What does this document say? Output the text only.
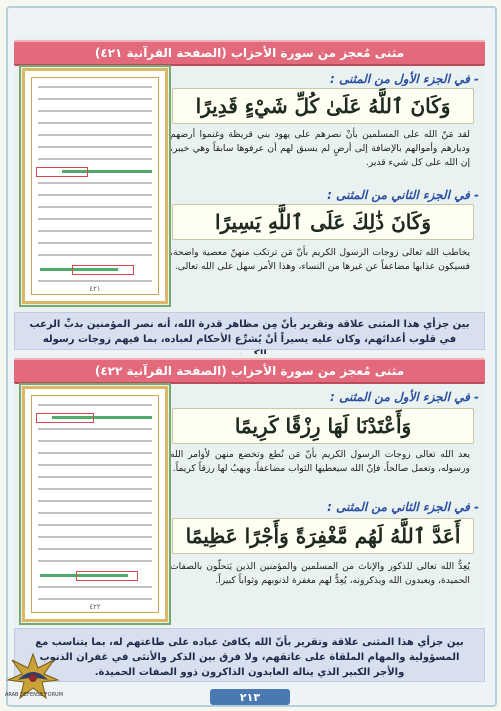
مثنى مُعجز من سورة الأحزاب (الصفحة القرآنية ٤٢١)
- في الجزء الأول من المثنى :
وَكَانَ ٱللَّهُ عَلَىٰ كُلِّ شَيْءٍ قَدِيرًا
لقد مَنّ الله على المسلمين بأنْ نصرهم على يهود بني قريظة وغنموا أرضهم وديارهم وأموالهم بالإضافة إلى أرضٍ لم يسبق لهم أن عرفوها سابقاً وهي خيبر، إن الله على كل شيء قدير.
- في الجزء الثاني من المثنى :
وَكَانَ ذَٰلِكَ عَلَى ٱللَّهِ يَسِيرًا
يخاطب الله تعالى زوجات الرسول الكريم بأنّ مَن ترتكب منهنّ معصية واضحة، فسيكون عذابها مضاعفاً عن غيرها من النساء، وهذا الأمر سهل على الله تعالى.
٤٢١
بين جزأي هذا المثنى علاقة وتقرير بأنّ مِن مظاهر قدرة الله، أنه نصر المؤمنين بدبِّ الرعب في قلوب أعدائهم، وكان عليه يسيراً أنْ يُشرِّع الأحكام لعباده، بما فيهم زوجات رسوله
مثنى مُعجز من سورة الأحزاب (الصفحة القرآنية ٤٢٢)
- في الجزء الأول من المثنى :
وَأَعْتَدْنَا لَهَا رِزْقًا كَرِيمًا
يعد الله تعالى زوجات الرسول الكريم بأنّ مَن تُطع وتخضع منهن لأوامر الله ورسوله، وتعمل صالحاً، فإنّ الله سيعطيها الثواب مضاعفاً، ويهبُ لها رزقاً كريماً.
- في الجزء الثاني من المثنى :
أَعَدَّ ٱللَّهُ لَهُم مَّغْفِرَةً وَأَجْرًا عَظِيمًا
يُعِدُّ الله تعالى للذكور والإناث من المسلمين والمؤمنين الذين يَتحلّون بالصفات الحميدة، ويعبدون الله ويذكرونه، يُعِدُّ لهم مغفرة لذنوبهم وثواباً كبيراً.
٤٢٢
بين جزأي هذا المثنى علاقة وتقرير بأنّ الله يكافئ عباده على طاعتهم له، بما يتناسب مع المسؤولية والمهام الملقاة على عاتقهم، ولا فرق بين الذكر والأنثى في غفران الذنوب والأجر الكبير الذي يناله العابدون الذاكرون ذوو الصفات الحميدة.
٢١٣
ARAB DEFENSE FORUM
